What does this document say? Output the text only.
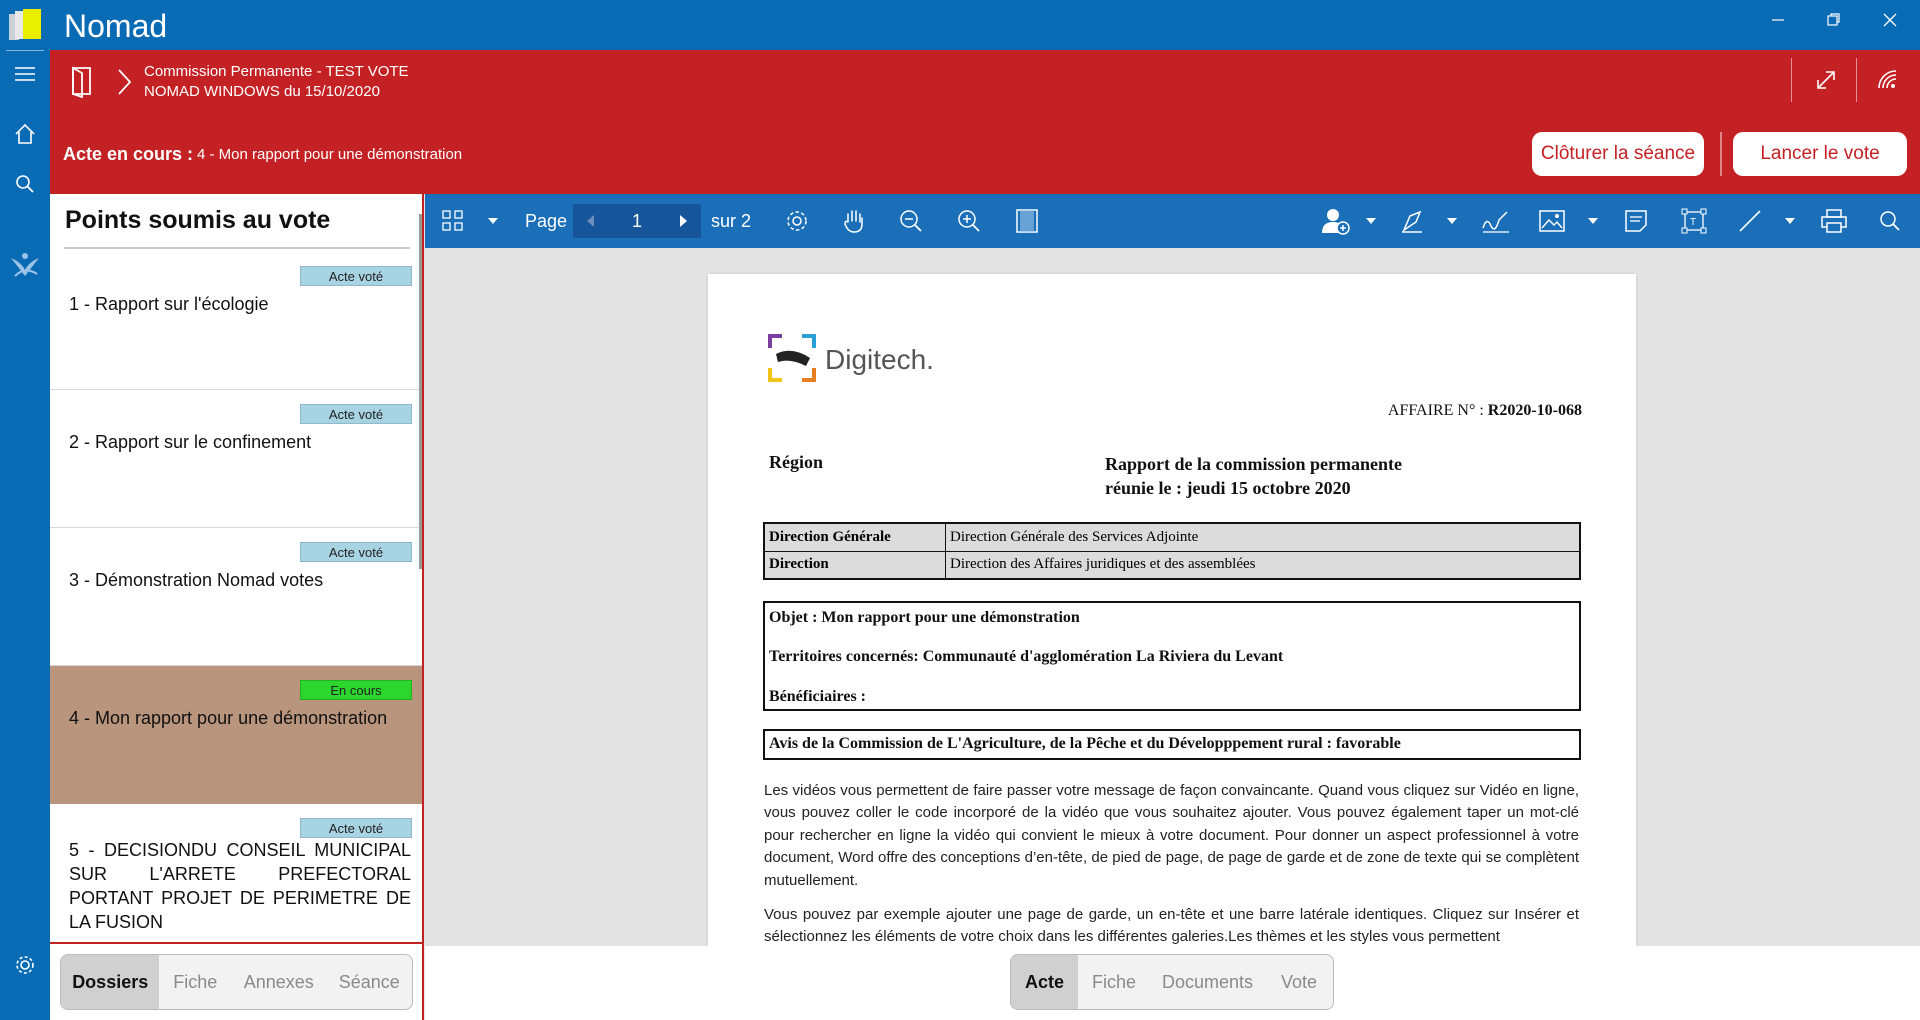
Nomad
Commission Permanente - TEST VOTE
NOMAD WINDOWS du 15/10/2020
Acte en cours : 4 - Mon rapport pour une démonstration	Clôturer la séance	Lancer le vote
Points soumis au vote
Acte voté
1 - Rapport sur l'écologie
Acte voté
2 - Rapport sur le confinement
Acte voté
3 - Démonstration Nomad votes
En cours
4 - Mon rapport pour une démonstration
Acte voté
5 - DECISIONDU CONSEIL MUNICIPAL SUR L'ARRETE PREFECTORAL PORTANT PROJET DE PERIMETRE DE LA FUSION
Dossiers	Fiche	Annexes	Séance
Page
1	sur 2	T
Digitech.
AFFAIRE N° : R2020-10-068
Région	Rapport de la commission permanente
réunie le : jeudi 15 octobre 2020
Direction Générale	Direction Générale des Services Adjointe
Direction	Direction des Affaires juridiques et des assemblées
Objet : Mon rapport pour une démonstration
Territoires concernés: Communauté d'agglomération La Riviera du Levant
Bénéficiaires :
Avis de la Commission de L'Agriculture, de la Pêche et du Développpement rural : favorable
Les vidéos vous permettent de faire passer votre message de façon convaincante. Quand vous cliquez sur Vidéo en ligne, vous pouvez coller le code incorporé de la vidéo que vous souhaitez ajouter. Vous pouvez également taper un mot-clé pour rechercher en ligne la vidéo qui convient le mieux à votre document. Pour donner un aspect professionnel à votre document, Word offre des conceptions d’en-tête, de pied de page, de page de garde et de zone de texte qui se complètent mutuellement.
Vous pouvez par exemple ajouter une page de garde, un en-tête et une barre latérale identiques. Cliquez sur Insérer et sélectionnez les éléments de votre choix dans les différentes galeries.Les thèmes et les styles vous permettent
Acte	Fiche	Documents	Vote
